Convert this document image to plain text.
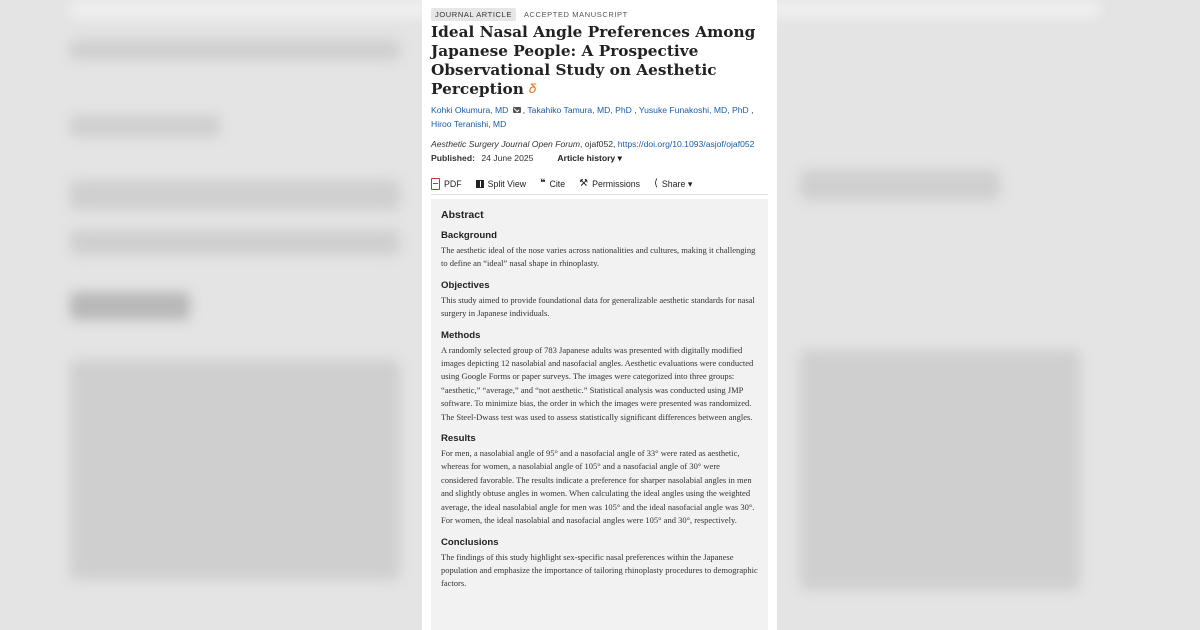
JOURNAL ARTICLE	ACCEPTED MANUSCRIPT
Ideal Nasal Angle Preferences Among Japanese People: A Prospective Observational Study on Aesthetic Perception 𝛿
Kohki Okumura, MD , Takahiko Tamura, MD, PhD , Yusuke Funakoshi, MD, PhD ,
Hiroo Teranishi, MD
Aesthetic Surgery Journal Open Forum, ojaf052, https://doi.org/10.1093/asjof/ojaf052
Published: 24 June 2025	Article history ▾
PDF	Split View ❝ Cite ⚒ Permissions ⟨ Share ▾
Abstract
Background

The aesthetic ideal of the nose varies across nationalities and cultures, making it challenging to define an “ideal” nasal shape in rhinoplasty.

Objectives

This study aimed to provide foundational data for generalizable aesthetic standards for nasal surgery in Japanese individuals.

Methods

A randomly selected group of 783 Japanese adults was presented with digitally modified images depicting 12 nasolabial and nasofacial angles. Aesthetic evaluations were conducted using Google Forms or paper surveys. The images were categorized into three groups: “aesthetic,” “average,” and “not aesthetic.” Statistical analysis was conducted using JMP software. To minimize bias, the order in which the images were presented was randomized. The Steel-Dwass test was used to assess statistically significant differences between angles.

Results

For men, a nasolabial angle of 95° and a nasofacial angle of 33° were rated as aesthetic, whereas for women, a nasolabial angle of 105° and a nasofacial angle of 30° were considered favorable. The results indicate a preference for sharper nasolabial angles in men and slightly obtuse angles in women. When calculating the ideal angles using the weighted average, the ideal nasolabial angle for men was 105° and the ideal nasofacial angle was 30°. For women, the ideal nasolabial and nasofacial angles were 105° and 30°, respectively.

Conclusions

The findings of this study highlight sex-specific nasal preferences within the Japanese population and emphasize the importance of tailoring rhinoplasty procedures to demographic factors.
